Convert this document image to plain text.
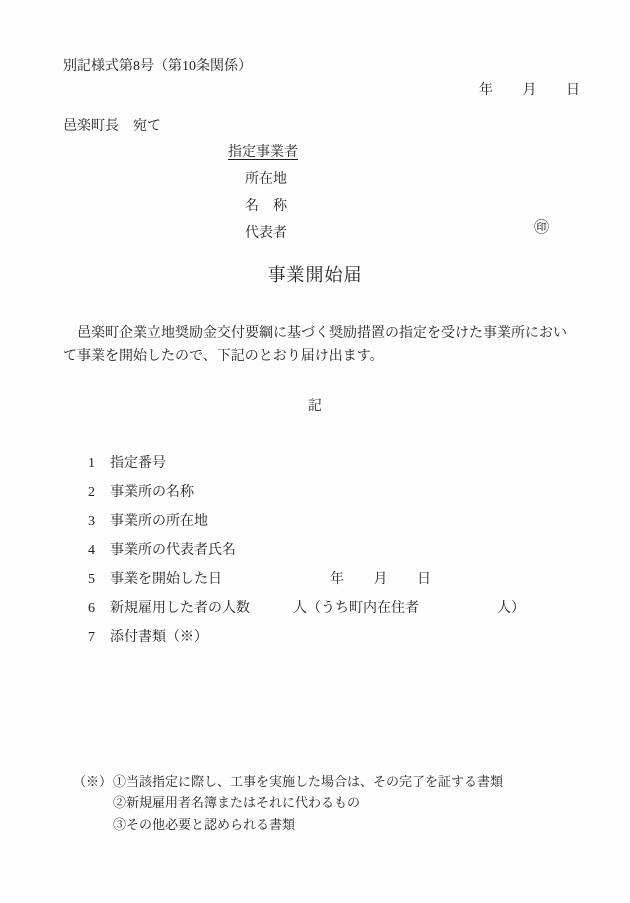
別記様式第8号（第10条関係）
年　　月　　日
邑楽町長　宛て
指定事業者
所在地
名　称
代表者	㊞
事業開始届
邑楽町企業立地奨励金交付要綱に基づく奨励措置の指定を受けた事業所において事業を開始したので、下記のとおり届け出ます。
記

1

指定番号

2

事業所の名称

3

事業所の所在地

4

事業所の代表者氏名

5

事業を開始した日

	年　　月　　日

6

新規雇用した者の人数

	人（うち町内在住者

	人）

7

添付書類（※）

（※） ①当該指定に際し、工事を実施した場合は、その完了を証する書類
②新規雇用者名簿またはそれに代わるもの
③その他必要と認められる書類
